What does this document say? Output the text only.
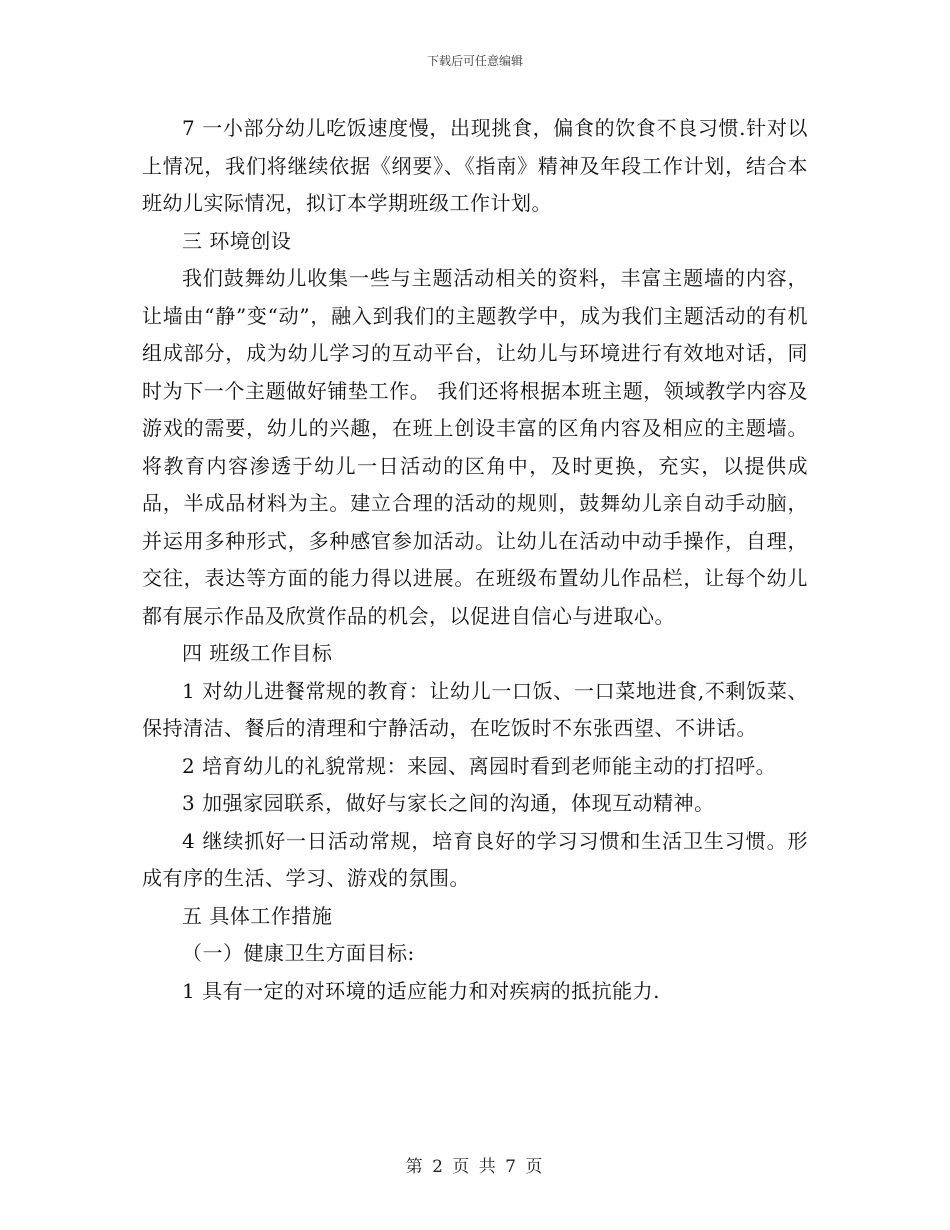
下载后可任意编辑

7 一小部分幼儿吃饭速度慢，出现挑食，偏食的饮食不良习惯.针对以上情况，我们将继续依据《纲要》、《指南》精神及年段工作计划，结合本班幼儿实际情况，拟订本学期班级工作计划。

三 环境创设

我们鼓舞幼儿收集一些与主题活动相关的资料，丰富主题墙的内容，让墙由“静”变“动”，融入到我们的主题教学中，成为我们主题活动的有机组成部分，成为幼儿学习的互动平台，让幼儿与环境进行有效地对话，同时为下一个主题做好铺垫工作。 我们还将根据本班主题，领域教学内容及游戏的需要，幼儿的兴趣，在班上创设丰富的区角内容及相应的主题墙。将教育内容渗透于幼儿一日活动的区角中，及时更换，充实，以提供成品，半成品材料为主。建立合理的活动的规则，鼓舞幼儿亲自动手动脑，并运用多种形式，多种感官参加活动。让幼儿在活动中动手操作，自理，交往，表达等方面的能力得以进展。在班级布置幼儿作品栏，让每个幼儿都有展示作品及欣赏作品的机会，以促进自信心与进取心。

四 班级工作目标

1 对幼儿进餐常规的教育：让幼儿一口饭、一口菜地进食,不剩饭菜、保持清洁、餐后的清理和宁静活动，在吃饭时不东张西望、不讲话。

2 培育幼儿的礼貌常规：来园、离园时看到老师能主动的打招呼。

3 加强家园联系，做好与家长之间的沟通，体现互动精神。

4 继续抓好一日活动常规，培育良好的学习习惯和生活卫生习惯。形成有序的生活、学习、游戏的氛围。

五 具体工作措施

（一）健康卫生方面目标:

1 具有一定的对环境的适应能力和对疾病的抵抗能力.

第 2 页 共 7 页
